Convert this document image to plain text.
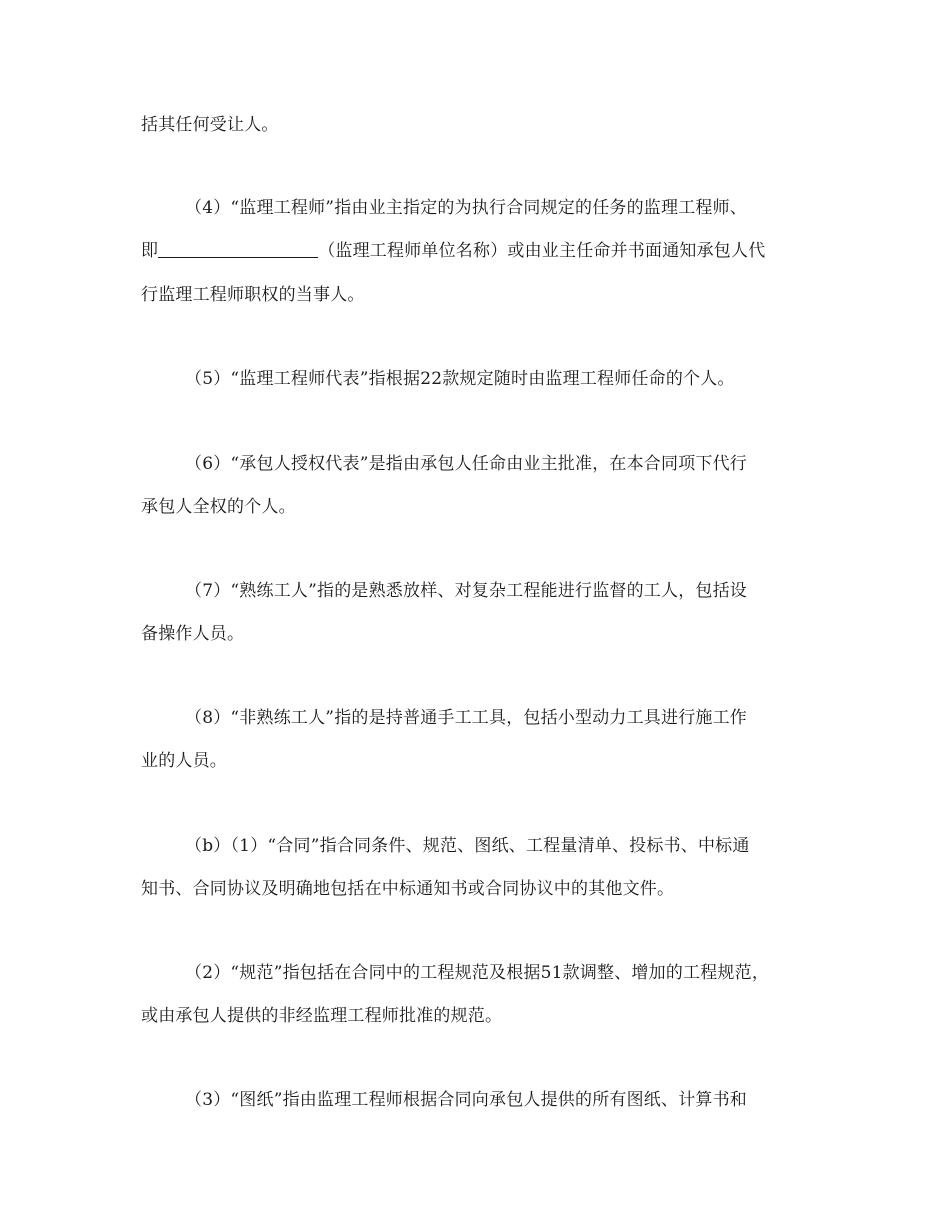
括其任何受让人。
（4）“监理工程师”指由业主指定的为执行合同规定的任务的监理工程师、
即	（监理工程师单位名称）或由业主任命并书面通知承包人代
行监理工程师职权的当事人。
（5）“监理工程师代表”指根据22款规定随时由监理工程师任命的个人。
（6）“承包人授权代表”是指由承包人任命由业主批准，在本合同项下代行
承包人全权的个人。
（7）“熟练工人”指的是熟悉放样、对复杂工程能进行监督的工人，包括设
备操作人员。
（8）“非熟练工人”指的是持普通手工工具，包括小型动力工具进行施工作
业的人员。
（b）（1）“合同”指合同条件、规范、图纸、工程量清单、投标书、中标通
知书、合同协议及明确地包括在中标通知书或合同协议中的其他文件。
（2）“规范”指包括在合同中的工程规范及根据51款调整、增加的工程规范，
或由承包人提供的非经监理工程师批准的规范。
（3）“图纸”指由监理工程师根据合同向承包人提供的所有图纸、计算书和
